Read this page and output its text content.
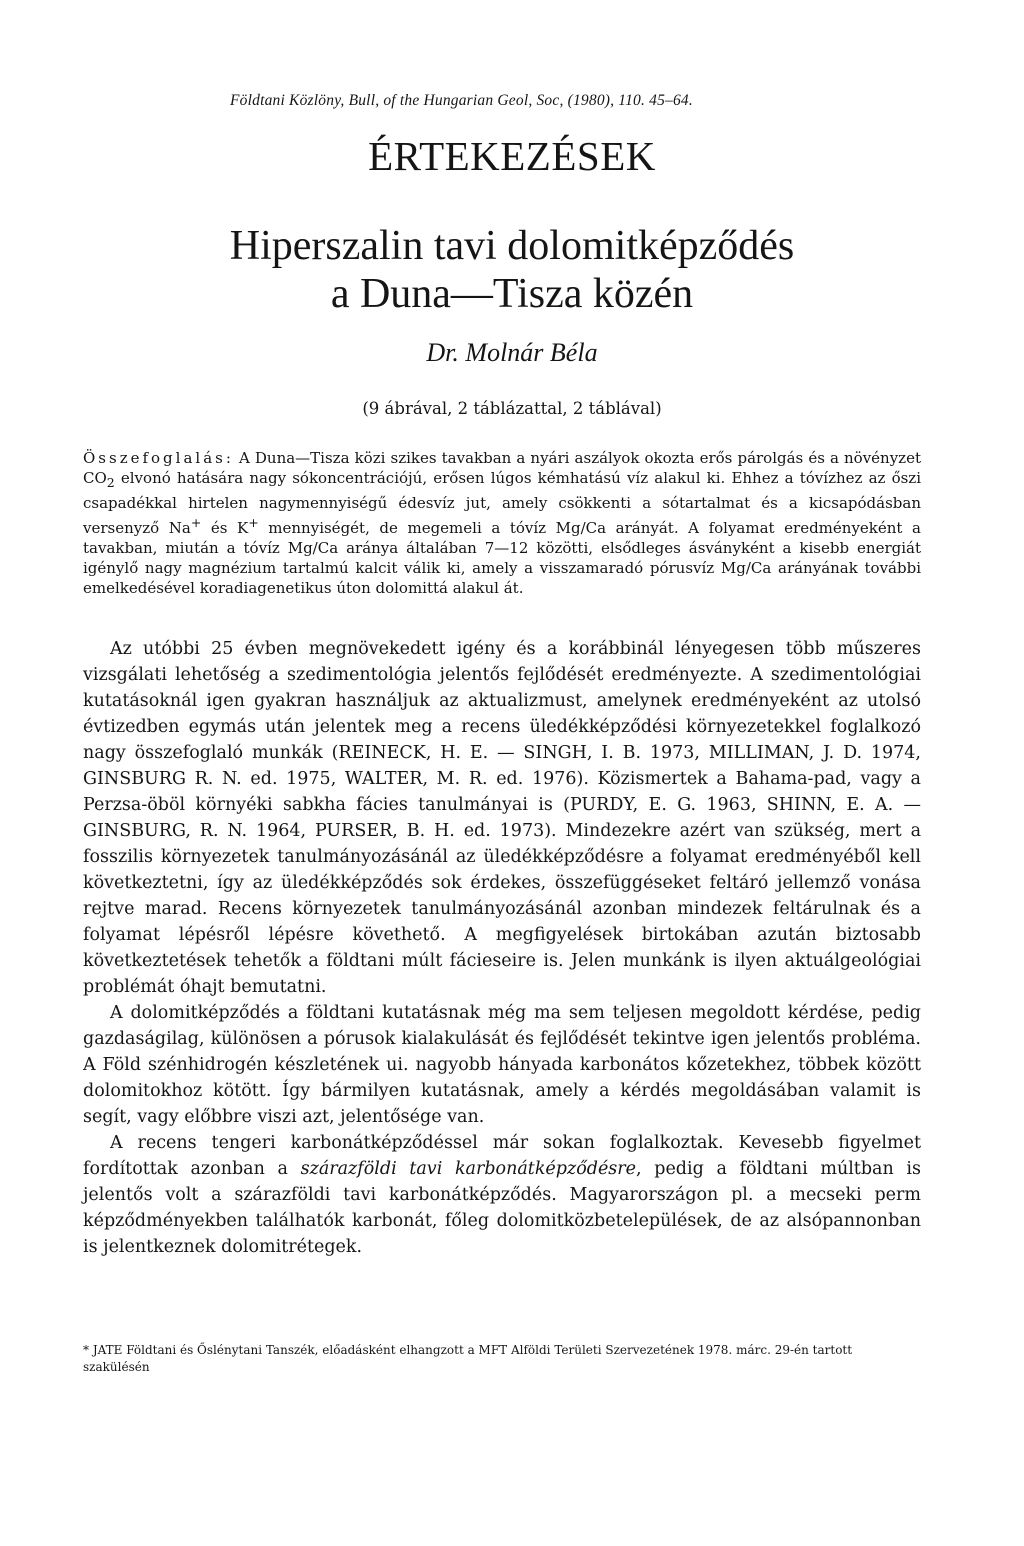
Földtani Közlöny, Bull, of the Hungarian Geol, Soc, (1980), 110. 45–64.
ÉRTEKEZÉSEK
Hiperszalin tavi dolomitképződés
a Duna—Tisza közén
Dr. Molnár Béla
(9 ábrával, 2 táblázattal, 2 táblával)
Összefoglalás: A Duna—Tisza közi szikes tavakban a nyári aszályok okozta erős párolgás és a növényzet $CO_2$ elvonó hatására nagy sókoncentrációjú, erősen lúgos kémhatású víz alakul ki. Ehhez a tóvízhez az őszi csapadékkal hirtelen nagymennyiségű édesvíz jut, amely csökkenti a sótartalmat és a kicsapódásban versenyző Na+ és K+ mennyiségét, de megemeli a tóvíz Mg/Ca arányát. A folyamat eredményeként a tavakban, miután a tóvíz Mg/Ca aránya általában 7—12 közötti, elsődleges ásványként a kisebb energiát igénylő nagy magnézium tartalmú kalcit válik ki, amely a visszamaradó pórusvíz Mg/Ca arányának további emelkedésével koradiagenetikus úton dolomittá alakul át.

Az utóbbi 25 évben megnövekedett igény és a korábbinál lényegesen több műszeres vizsgálati lehetőség a szedimentológia jelentős fejlődését eredményezte. A szedimentológiai kutatásoknál igen gyakran használjuk az aktualizmust, amelynek eredményeként az utolsó évtizedben egymás után jelentek meg a recens üledékképződési környezetekkel foglalkozó nagy összefoglaló munkák (REINECK, H. E. — SINGH, I. B. 1973, MILLIMAN, J. D. 1974, GINSBURG R. N. ed. 1975, WALTER, M. R. ed. 1976). Közismertek a Bahama-pad, vagy a Perzsa-öböl környéki sabkha fácies tanulmányai is (PURDY, E. G. 1963, SHINN, E. A. — GINSBURG, R. N. 1964, PURSER, B. H. ed. 1973). Mindezekre azért van szükség, mert a fosszilis környezetek tanulmányozásánál az üledékképződésre a folyamat eredményéből kell következtetni, így az üledékképződés sok érdekes, összefüggéseket feltáró jellemző vonása rejtve marad. Recens környezetek tanulmányozásánál azonban mindezek feltárulnak és a folyamat lépésről lépésre követhető. A megfigyelések birtokában azután biztosabb következtetések tehetők a földtani múlt fácieseire is. Jelen munkánk is ilyen aktuálgeológiai problémát óhajt bemutatni.

A dolomitképződés a földtani kutatásnak még ma sem teljesen megoldott kérdése, pedig gazdaságilag, különösen a pórusok kialakulását és fejlődését tekintve igen jelentős probléma. A Föld szénhidrogén készletének ui. nagyobb hányada karbonátos kőzetekhez, többek között dolomitokhoz kötött. Így bármilyen kutatásnak, amely a kérdés megoldásában valamit is segít, vagy előbbre viszi azt, jelentősége van.

A recens tengeri karbonátképződéssel már sokan foglalkoztak. Kevesebb figyelmet fordítottak azonban a szárazföldi tavi karbonátképződésre, pedig a földtani múltban is jelentős volt a szárazföldi tavi karbonátképződés. Magyarországon pl. a mecseki perm képződményekben találhatók karbonát, főleg dolomitközbetelepülések, de az alsópannonban is jelentkeznek dolomitrétegek.

* JATE Földtani és Őslénytani Tanszék, előadásként elhangzott a MFT Alföldi Területi Szervezetének 1978. márc. 29-én tartott szakülésén
